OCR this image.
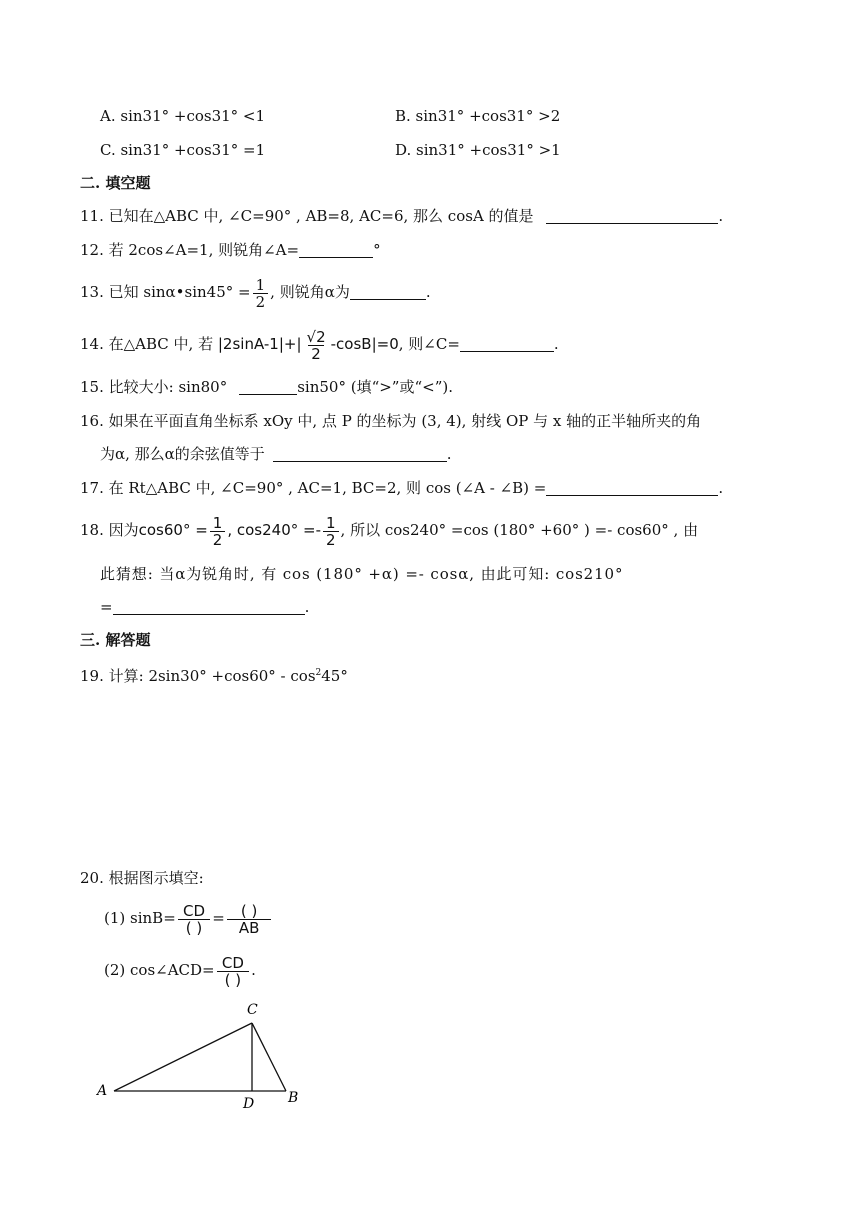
A. sin31° +cos31° <1	B. sin31° +cos31° >2
C. sin31° +cos31° =1	D. sin31° +cos31° >1
二. 填空题
11. 已知在△ABC 中, ∠C=90° , AB=8, AC=6, 那么 cosA 的值是	.
12. 若 2cos∠A=1, 则锐角∠A=	°
13. 已知 sinα•sin45° = $\frac{1}{2}$ , 则锐角α为	.
14. 在△ABC 中, 若 $|2\sin A-1|+| \frac{√2}{2} -\cos B|=0$, 则∠C=	.
15. 比较大小: sin80°	sin50° (填“>”或“<”).
16. 如果在平面直角坐标系 xOy 中, 点 P 的坐标为 (3, 4), 射线 OP 与 x 轴的正半轴所夹的角
为α, 那么α的余弦值等于	.
17. 在 Rt△ABC 中, ∠C=90° , AC=1, BC=2, 则 cos (∠A - ∠B) =	.
18. 因为$\cos 60^\circ = \frac{1}{2}$ , $\cos 240^\circ =- \frac{1}{2}$ , 所以 cos240° =cos (180° +60° ) =- cos60° , 由
此猜想: 当α为锐角时, 有 cos (180° +α) =- cosα, 由此可知: cos210°
=	.
三. 解答题
19. 计算: $2\sin 30^\circ +\cos 60^\circ - \cos^245^\circ$
20. 根据图示填空:
(1) $\sin B= \frac{CD}{( )} = \frac{( )}{AB}$
(2) cos∠ACD= $\frac{CD}{( )}$ .
A	B
C
D
